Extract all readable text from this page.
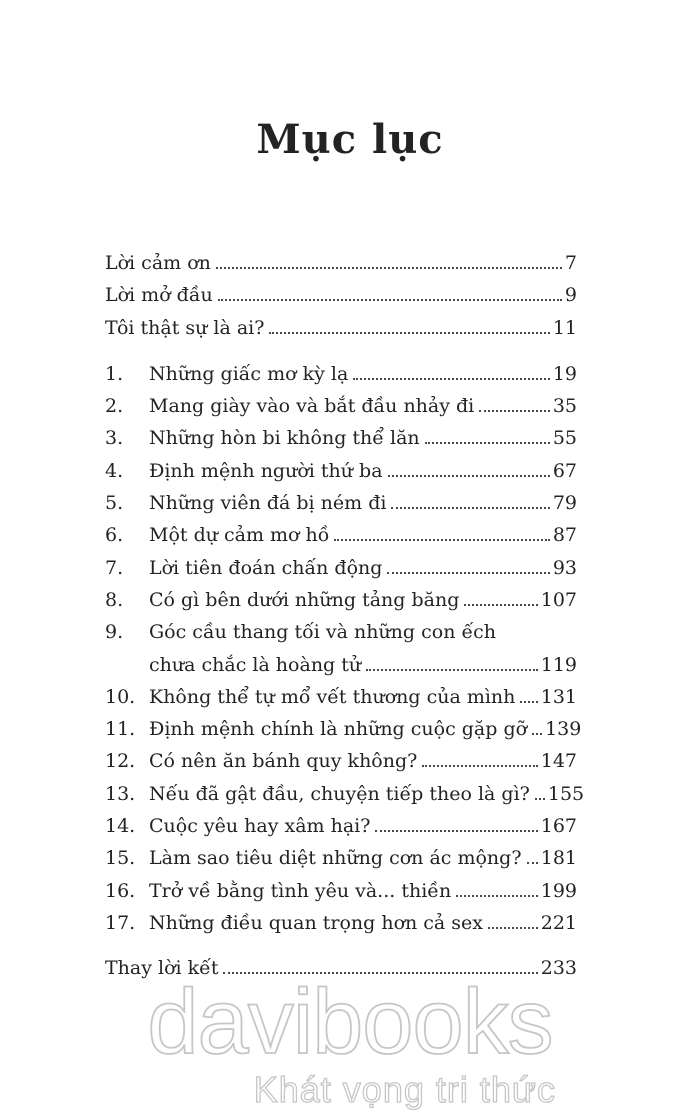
Mục lục
Lời cảm ơn	7
Lời mở đầu	9
Tôi thật sự là ai?	11
1.	Những giấc mơ kỳ lạ	19
2.	Mang giày vào và bắt đầu nhảy đi	35
3.	Những hòn bi không thể lăn	55
4.	Định mệnh người thứ ba	67
5.	Những viên đá bị ném đi	79
6.	Một dự cảm mơ hồ	87
7.	Lời tiên đoán chấn động	93
8.	Có gì bên dưới những tảng băng	107
9.	Góc cầu thang tối và những con ếch
chưa chắc là hoàng tử	119
10. Không thể tự mổ vết thương của mình 131
11. Định mệnh chính là những cuộc gặp gỡ 139
12. Có nên ăn bánh quy không?	147
13. Nếu đã gật đầu, chuyện tiếp theo là gì? 155
14. Cuộc yêu hay xâm hại?	167
15. Làm sao tiêu diệt những cơn ác mộng? 181
16. Trở về bằng tình yêu và... thiền	199
17. Những điều quan trọng hơn cả sex	221
Thay lời kết	233
davibooks
Khát vọng tri thức
